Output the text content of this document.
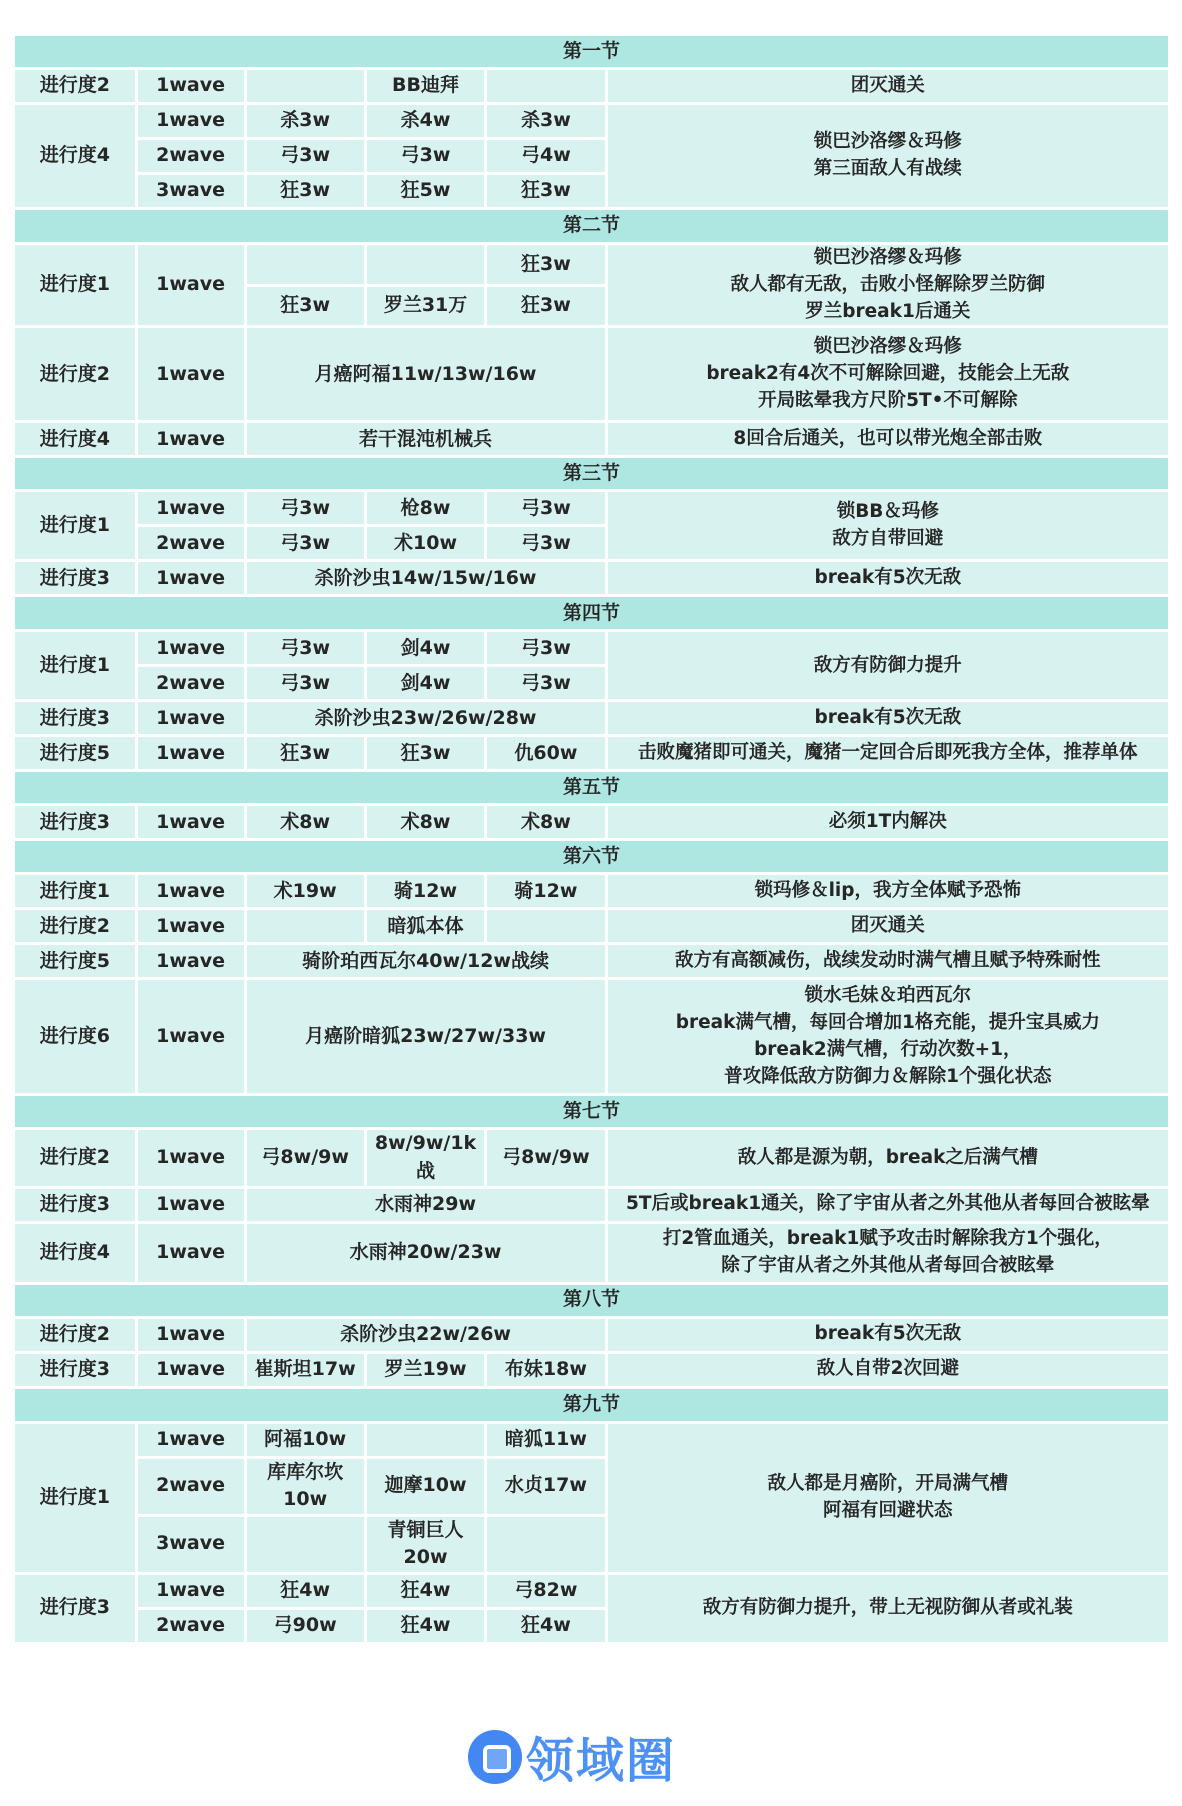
第一节					
进行度2	1wave		BB迪拜		团灭通关
进行度4	1wave	杀3w	杀4w	杀3w	锁巴沙洛缪＆玛修
第三面敌人有战续
	2wave	弓3w	弓3w	弓4w	
	3wave	狂3w	狂5w	狂3w	
第二节					
进行度1	1wave			狂3w	锁巴沙洛缪＆玛修
敌人都有无敌，击败小怪解除罗兰防御
罗兰break1后通关
		狂3w	罗兰31万	狂3w	
进行度2	1wave	月癌阿福11w/13w/16w			锁巴沙洛缪＆玛修
break2有4次不可解除回避，技能会上无敌
开局眩晕我方尺阶5T•不可解除
进行度4	1wave	若干混沌机械兵			8回合后通关，也可以带光炮全部击败
第三节					
进行度1	1wave	弓3w	枪8w	弓3w	锁BB＆玛修
敌方自带回避
	2wave	弓3w	术10w	弓3w	
进行度3	1wave	杀阶沙虫14w/15w/16w			break有5次无敌
第四节					
进行度1	1wave	弓3w	剑4w	弓3w	敌方有防御力提升
	2wave	弓3w	剑4w	弓3w	
进行度3	1wave	杀阶沙虫23w/26w/28w			break有5次无敌
进行度5	1wave	狂3w	狂3w	仇60w	击败魔猪即可通关，魔猪一定回合后即死我方全体，推荐单体
第五节					
进行度3	1wave	术8w	术8w	术8w	必须1T内解决
第六节					
进行度1	1wave	术19w	骑12w	骑12w	锁玛修＆lip，我方全体赋予恐怖
进行度2	1wave		暗狐本体		团灭通关
进行度5	1wave	骑阶珀西瓦尔40w/12w战续			敌方有高额减伤，战续发动时满气槽且赋予特殊耐性
进行度6	1wave	月癌阶暗狐23w/27w/33w			锁水毛妹＆珀西瓦尔
break满气槽，每回合增加1格充能，提升宝具威力
break2满气槽，行动次数+1，
普攻降低敌方防御力＆解除1个强化状态
第七节					
进行度2	1wave	弓8w/9w	8w/9w/1k战	弓8w/9w	敌人都是源为朝，break之后满气槽
进行度3	1wave	水雨神29w			5T后或break1通关，除了宇宙从者之外其他从者每回合被眩晕
进行度4	1wave	水雨神20w/23w			打2管血通关，break1赋予攻击时解除我方1个强化，
除了宇宙从者之外其他从者每回合被眩晕
第八节					
进行度2	1wave	杀阶沙虫22w/26w			break有5次无敌
进行度3	1wave	崔斯坦17w	罗兰19w	布妹18w	敌人自带2次回避
第九节					
进行度1	1wave	阿福10w		暗狐11w	敌人都是月癌阶，开局满气槽
阿福有回避状态
	2wave	库库尔坎10w	迦摩10w	水贞17w	
	3wave		青铜巨人20w		
进行度3	1wave	狂4w	狂4w	弓82w	敌方有防御力提升，带上无视防御从者或礼装
	2wave	弓90w	狂4w	狂4w	
领域圈
